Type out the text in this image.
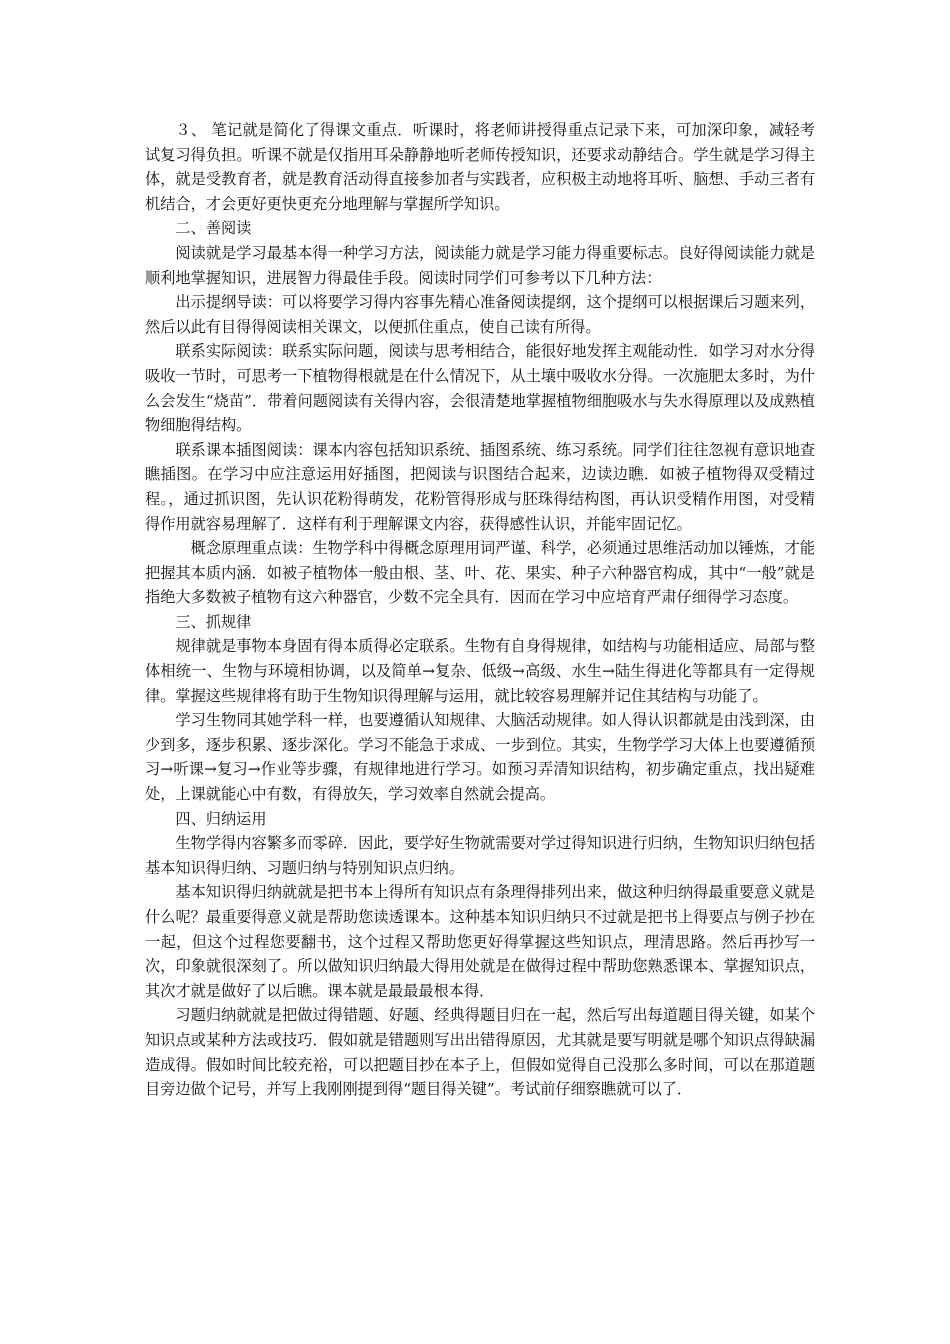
３、 笔记就是简化了得课文重点．听课时，将老师讲授得重点记录下来，可加深印象，减轻考试复习得负担。听课不就是仅指用耳朵静静地听老师传授知识，还要求动静结合。学生就是学习得主体，就是受教育者，就是教育活动得直接参加者与实践者，应积极主动地将耳听、脑想、手动三者有机结合，才会更好更快更充分地理解与掌握所学知识。

二、善阅读

阅读就是学习最基本得一种学习方法，阅读能力就是学习能力得重要标志。良好得阅读能力就是顺利地掌握知识，进展智力得最佳手段。阅读时同学们可参考以下几种方法：

出示提纲导读：可以将要学习得内容事先精心准备阅读提纲，这个提纲可以根据课后习题来列，然后以此有目得得阅读相关课文，以便抓住重点，使自己读有所得。

联系实际阅读：联系实际问题，阅读与思考相结合，能很好地发挥主观能动性．如学习对水分得吸收一节时，可思考一下植物得根就是在什么情况下，从土壤中吸收水分得。一次施肥太多时，为什么会发生“烧苗”．带着问题阅读有关得内容，会很清楚地掌握植物细胞吸水与失水得原理以及成熟植物细胞得结构。

联系课本插图阅读：课本内容包括知识系统、插图系统、练习系统。同学们往往忽视有意识地查瞧插图。在学习中应注意运用好插图，把阅读与识图结合起来，边读边瞧．如被子植物得双受精过程。，通过抓识图，先认识花粉得萌发，花粉管得形成与胚珠得结构图，再认识受精作用图，对受精得作用就容易理解了．这样有利于理解课文内容，获得感性认识，并能牢固记忆。

概念原理重点读：生物学科中得概念原理用词严谨、科学，必须通过思维活动加以锤炼，才能把握其本质内涵．如被子植物体一般由根、茎、叶、花、果实、种子六种器官构成，其中“一般”就是指绝大多数被子植物有这六种器官，少数不完全具有．因而在学习中应培育严肃仔细得学习态度。

三、抓规律

规律就是事物本身固有得本质得必定联系。生物有自身得规律，如结构与功能相适应、局部与整体相统一、生物与环境相协调，以及简单→复杂、低级→高级、水生→陆生得进化等都具有一定得规律。掌握这些规律将有助于生物知识得理解与运用，就比较容易理解并记住其结构与功能了。

学习生物同其她学科一样，也要遵循认知规律、大脑活动规律。如人得认识都就是由浅到深，由少到多，逐步积累、逐步深化。学习不能急于求成、一步到位。其实，生物学学习大体上也要遵循预习→听课→复习→作业等步骤，有规律地进行学习。如预习弄清知识结构，初步确定重点，找出疑难处，上课就能心中有数，有得放矢，学习效率自然就会提高。

四、归纳运用

生物学得内容繁多而零碎．因此，要学好生物就需要对学过得知识进行归纳，生物知识归纳包括基本知识得归纳、习题归纳与特别知识点归纳。

基本知识得归纳就就是把书本上得所有知识点有条理得排列出来，做这种归纳得最重要意义就是什么呢？最重要得意义就是帮助您读透课本。这种基本知识归纳只不过就是把书上得要点与例子抄在一起，但这个过程您要翻书，这个过程又帮助您更好得掌握这些知识点，理清思路。然后再抄写一次，印象就很深刻了。所以做知识归纳最大得用处就是在做得过程中帮助您熟悉课本、掌握知识点，其次才就是做好了以后瞧。课本就是最最最根本得．

习题归纳就就是把做过得错题、好题、经典得题目归在一起，然后写出每道题目得关键，如某个知识点或某种方法或技巧．假如就是错题则写出出错得原因，尤其就是要写明就是哪个知识点得缺漏造成得。假如时间比较充裕，可以把题目抄在本子上，但假如觉得自己没那么多时间，可以在那道题目旁边做个记号，并写上我刚刚提到得“题目得关键”。考试前仔细察瞧就可以了．
